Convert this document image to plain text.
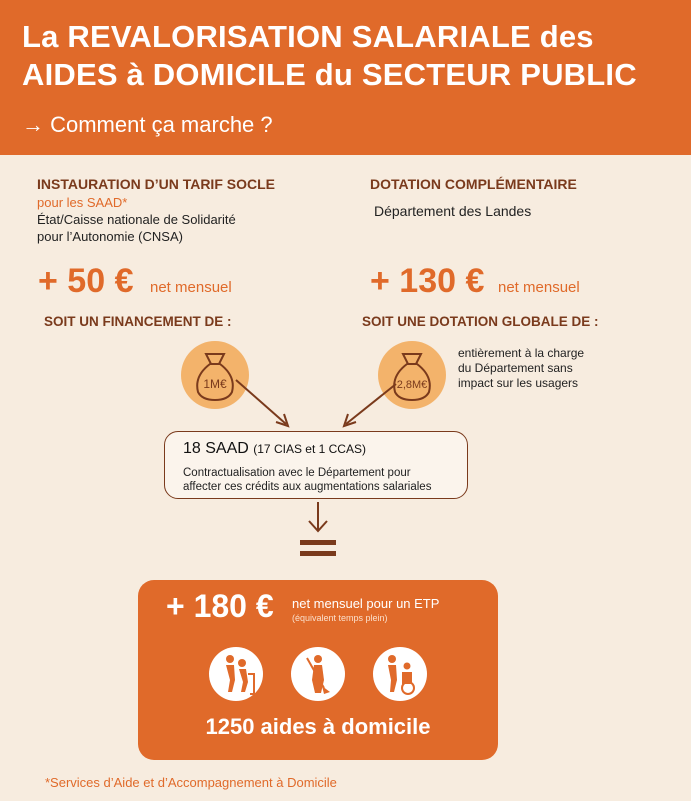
La REVALORISATION SALARIALE des AIDES à DOMICILE du SECTEUR PUBLIC
→ Comment ça marche ?
INSTAURATION D’UN TARIF SOCLE
pour les SAAD*
État/Caisse nationale de Solidarité
pour l’Autonomie (CNSA)
+ 50 € net mensuel
SOIT UN FINANCEMENT DE :
DOTATION COMPLÉMENTAIRE
Département des Landes
+ 130 € net mensuel
SOIT UNE DOTATION GLOBALE DE :
1M€	2,8M€
entièrement à la charge
du Département sans
impact sur les usagers
18 SAAD (17 CIAS et 1 CCAS)
Contractualisation avec le Département pour
affecter ces crédits aux augmentations salariales
+ 180 € net mensuel pour un ETP
(équivalent temps plein)
1250 aides à domicile
*Services d’Aide et d’Accompagnement à Domicile
